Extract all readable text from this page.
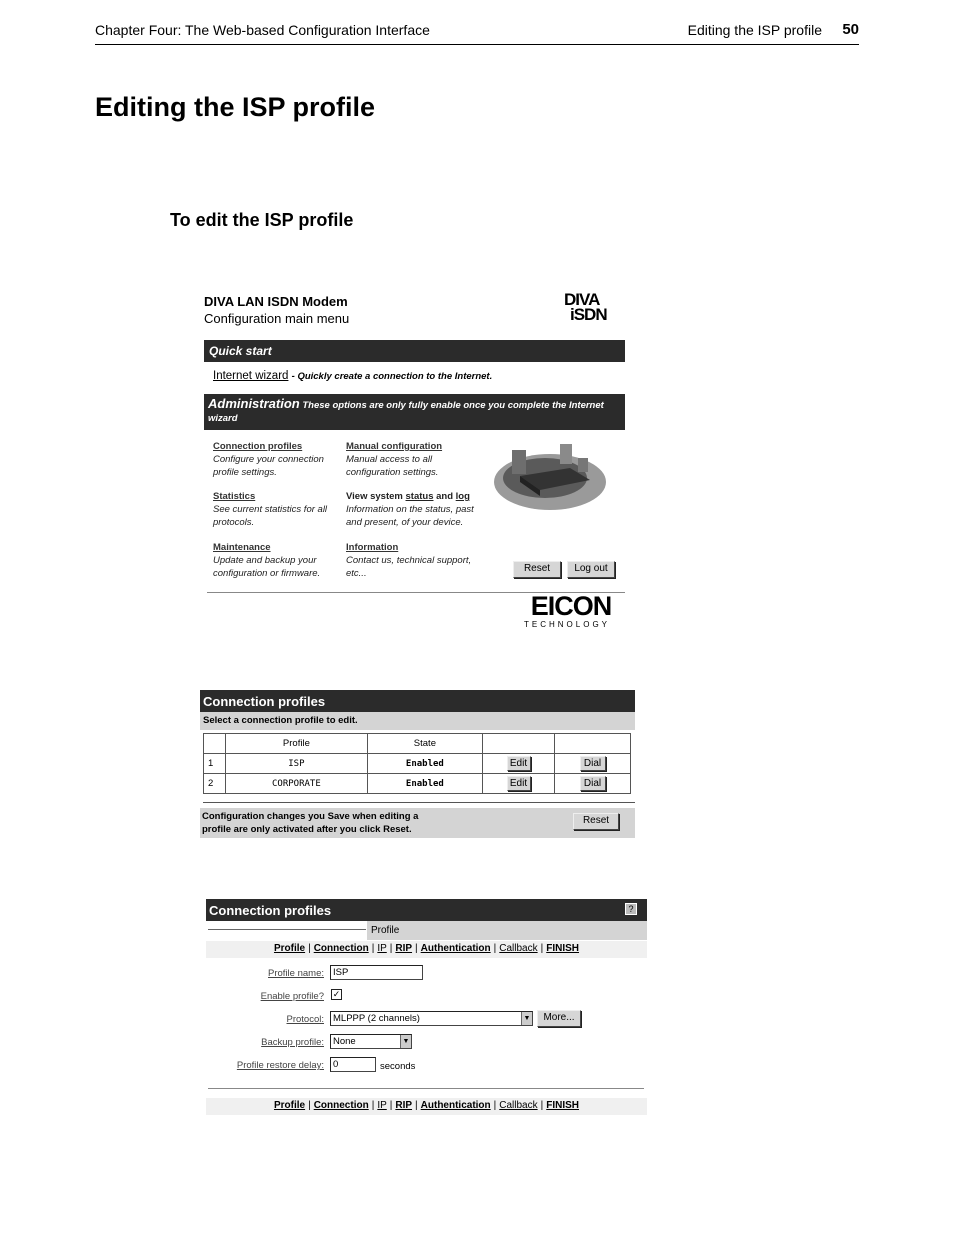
Chapter Four: The Web-based Configuration Interface	Editing the ISP profile 50
Editing the ISP profile
To edit the ISP profile
DIVA LAN ISDN Modem
Configuration main menu
DIVA
iSDN
Quick start
Internet wizard - Quickly create a connection to the Internet.
Administration These options are only fully enable once you complete the Internet wizard
Connection profiles
Configure your connection profile settings.
Manual configuration
Manual access to all configuration settings.
Statistics
See current statistics for all protocols.
View system status and log
Information on the status, past and present, of your device.
Maintenance
Update and backup your configuration or firmware.
Information
Contact us, technical support, etc...	Reset	Log out
EICON
TECHNOLOGY
Connection profiles
Select a connection profile to edit.
	Profile	State		
1	ISP	Enabled	Edit	Dial
2	CORPORATE	Enabled	Edit	Dial
Configuration changes you Save when editing a
profile are only activated after you click Reset.
Reset
Connection profiles	?
Profile
Profile | Connection | IP | RIP | Authentication | Callback | FINISH
Profile name: ISP
Enable profile? ✓
Protocol: MLPPP (2 channels)	▼	More...
Backup profile: None	▼
Profile restore delay: 0	seconds
Profile | Connection | IP | RIP | Authentication | Callback | FINISH
